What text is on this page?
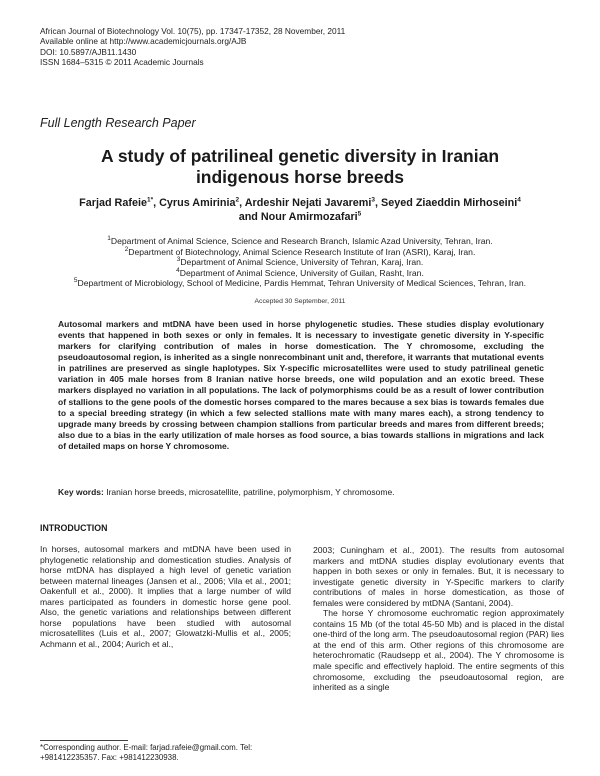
African Journal of Biotechnology Vol. 10(75), pp. 17347-17352, 28 November, 2011
Available online at http://www.academicjournals.org/AJB
DOI: 10.5897/AJB11.1430
ISSN 1684–5315 © 2011 Academic Journals
Full Length Research Paper
A study of patrilineal genetic diversity in Iranian
indigenous horse breeds
Farjad Rafeie$^{1*}$, Cyrus Amirinia$^2$, Ardeshir Nejati Javaremi$^3$, Seyed Ziaeddin Mirhoseini$^4$
and Nour Amirmozafari$^5$
$^1$Department of Animal Science, Science and Research Branch, Islamic Azad University, Tehran, Iran.
$^2$Department of Biotechnology, Animal Science Research Institute of Iran (ASRI), Karaj, Iran.
$^3$Department of Animal Science, University of Tehran, Karaj, Iran.
$^4$Department of Animal Science, University of Guilan, Rasht, Iran.
$^5$Department of Microbiology, School of Medicine, Pardis Hemmat, Tehran University of Medical Sciences, Tehran, Iran.
Accepted 30 September, 2011
Autosomal markers and mtDNA have been used in horse phylogenetic studies. These studies display evolutionary events that happened in both sexes or only in females. It is necessary to investigate genetic diversity in Y-specific markers for clarifying contribution of males in horse domestication. The Y chromosome, excluding the pseudoautosomal region, is inherited as a single nonrecombinant unit and, therefore, it warrants that mutational events in patrilines are preserved as single haplotypes. Six Y-specific microsatellites were used to study patrilineal genetic variation in 405 male horses from 8 Iranian native horse breeds, one wild population and an exotic breed. These markers displayed no variation in all populations. The lack of polymorphisms could be as a result of lower contribution of stallions to the gene pools of the domestic horses compared to the mares because a sex bias is towards females due to a special breeding strategy (in which a few selected stallions mate with many mares each), a strong tendency to upgrade many breeds by crossing between champion stallions from particular breeds and mares from different breeds; also due to a bias in the early utilization of male horses as food source, a bias towards stallions in migrations and lack of detailed maps on horse Y chromosome.
Key words: Iranian horse breeds, microsatellite, patriline, polymorphism, Y chromosome.
INTRODUCTION

In horses, autosomal markers and mtDNA have been used in phylogenetic relationship and domestication studies. Analysis of horse mtDNA has displayed a high level of genetic variation between maternal lineages (Jansen et al., 2006; Vila et al., 2001; Oakenfull et al., 2000). It implies that a large number of wild mares participated as founders in domestic horse gene pool. Also, the genetic variations and relationships between different horse populations have been studied with autosomal microsatellites (Luis et al., 2007; Glowatzki-Mullis et al., 2005; Achmann et al., 2004; Aurich et al.,

2003; Cuningham et al., 2001). The results from autosomal markers and mtDNA studies display evolutionary events that happen in both sexes or only in females. But, it is necessary to investigate genetic diversity in Y-Specific markers to clarify contributions of males in horse domestication, as those of females were considered by mtDNA (Santani, 2004).

The horse Y chromosome euchromatic region approximately contains 15 Mb (of the total 45-50 Mb) and is placed in the distal one-third of the long arm. The pseudoautosomal region (PAR) lies at the end of this arm. Other regions of this chromosome are heterochromatic (Raudsepp et al., 2004). The Y chromosome is male specific and effectively haploid. The entire segments of this chromosome, excluding the pseudoautosomal region, are inherited as a single

*Corresponding author. E-mail: farjad.rafeie@gmail.com. Tel: +981412235357. Fax: +981412230938.
